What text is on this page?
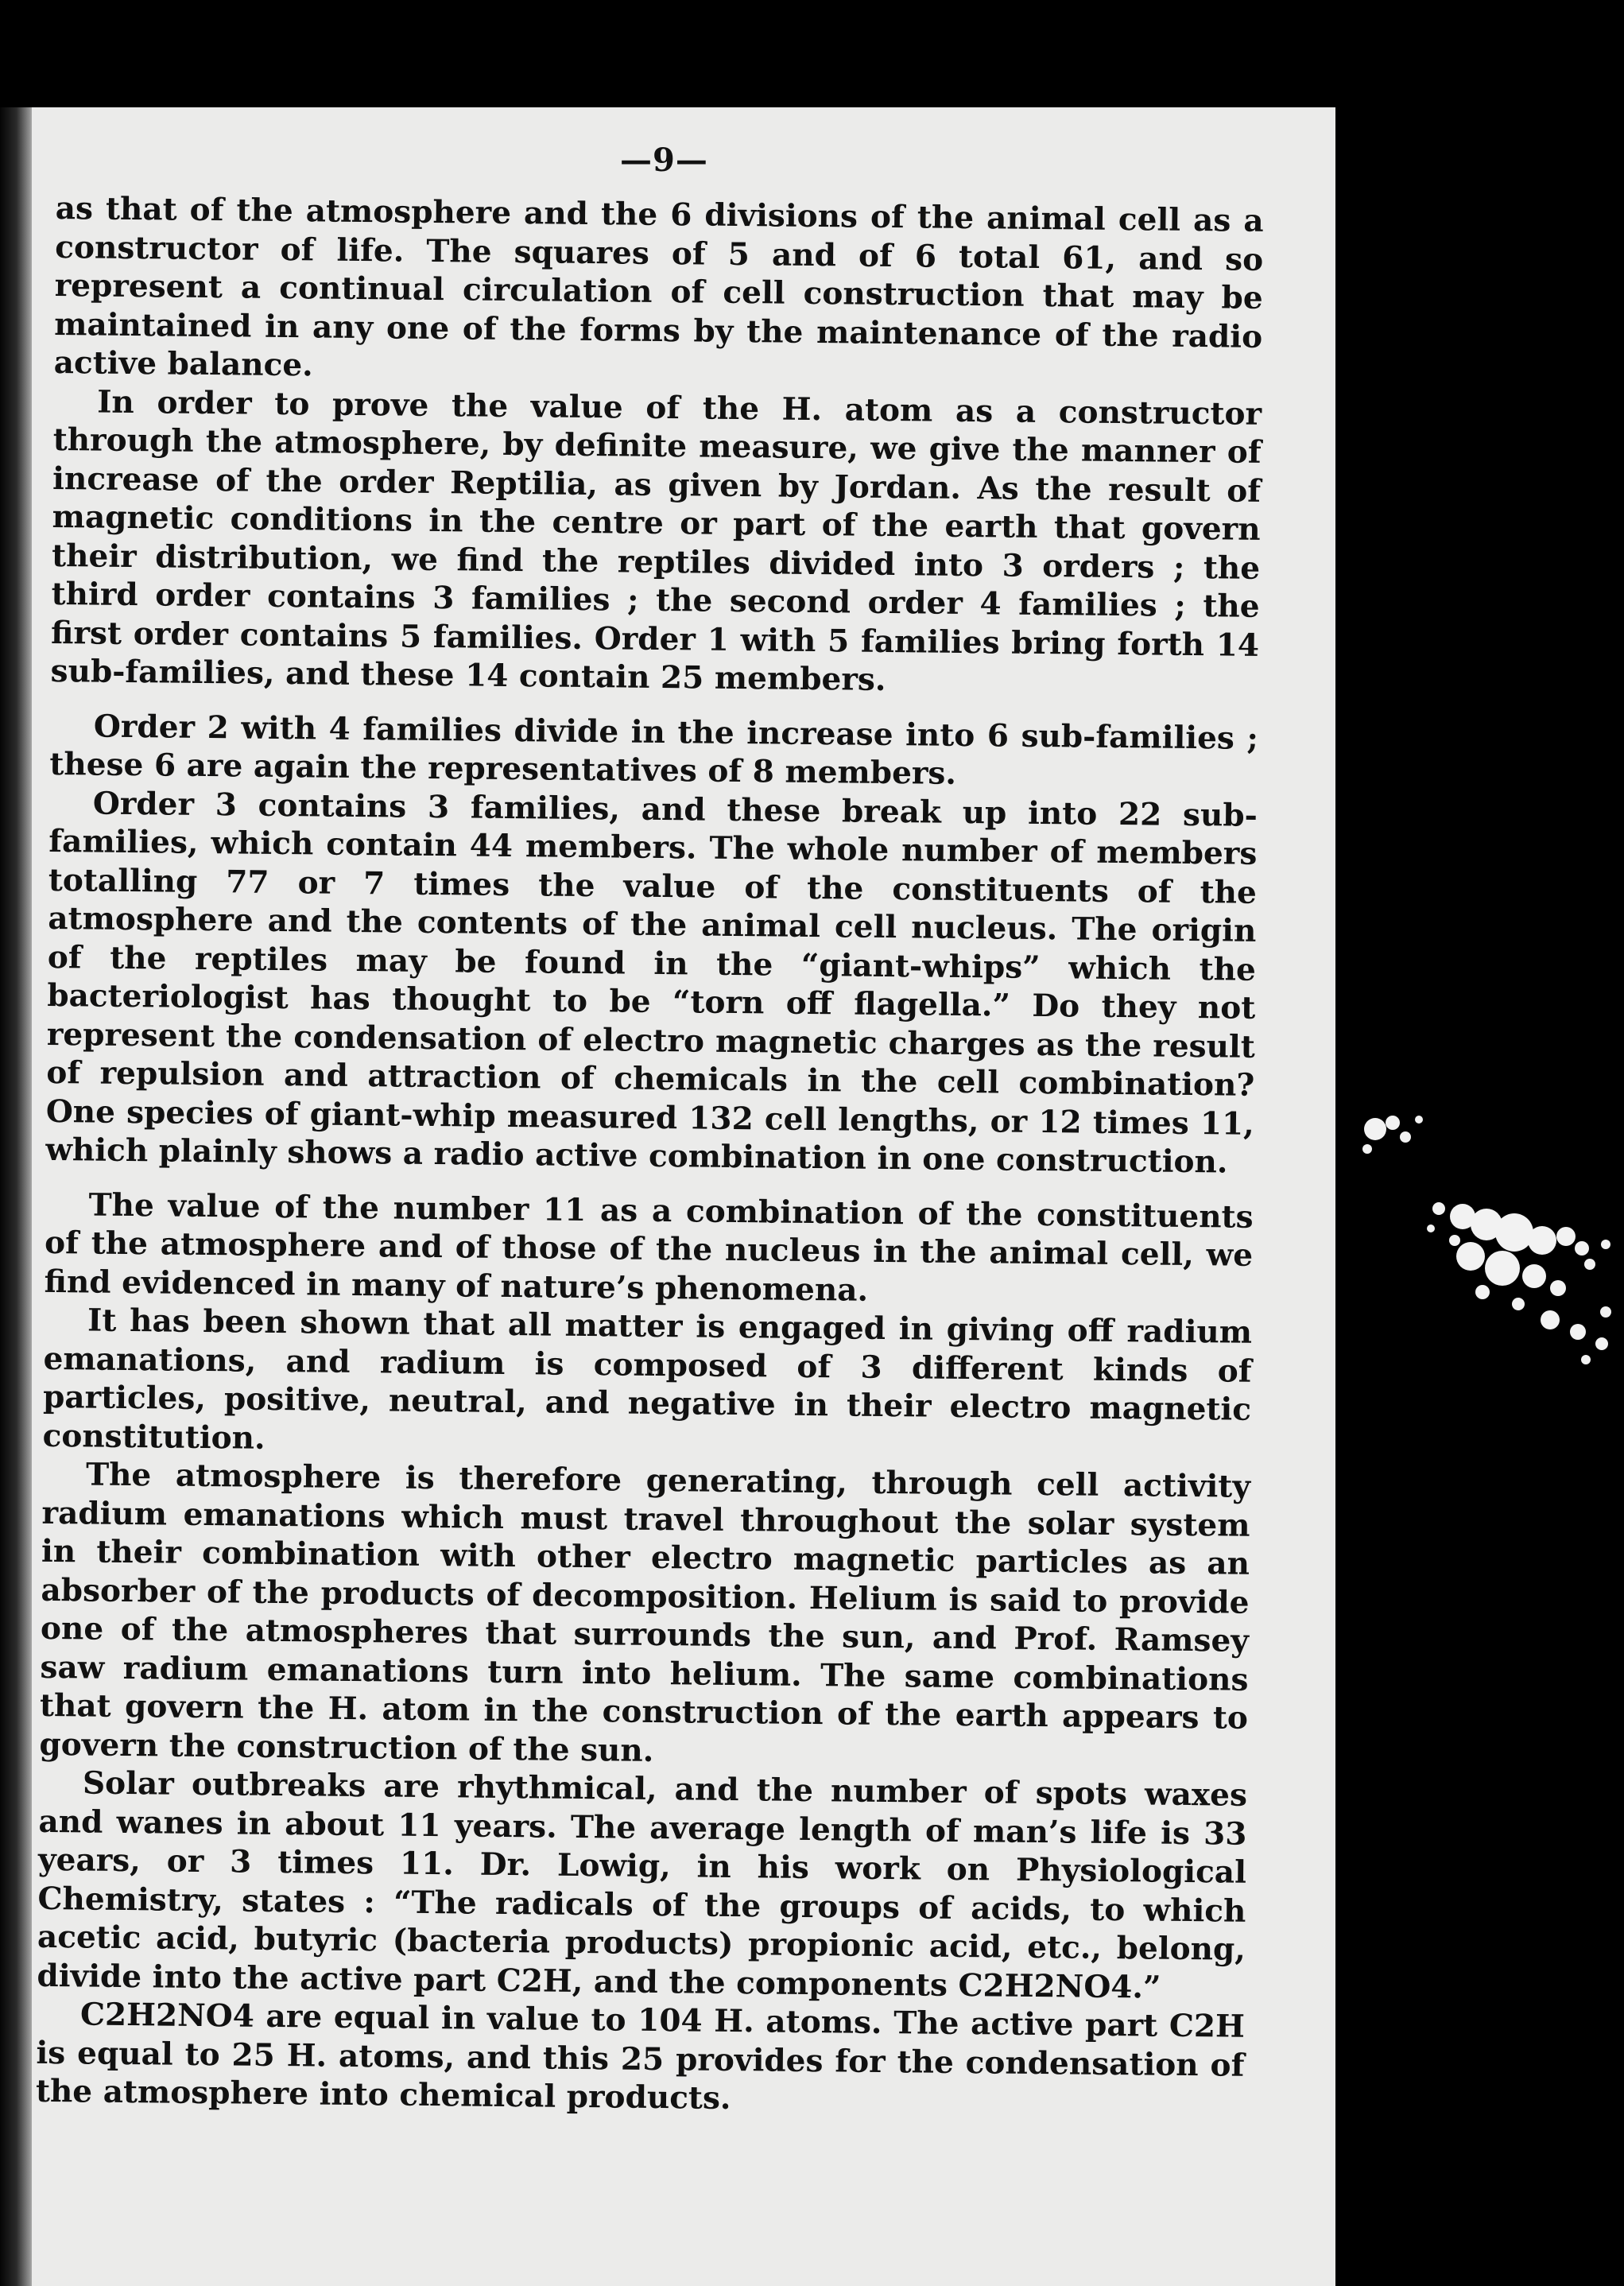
—9—

as that of the atmosphere and the 6 divisions of the animal cell as a constructor of life. The squares of 5 and of 6 total 61, and so represent a continual circulation of cell construction that may be maintained in any one of the forms by the maintenance of the radio active balance.

In order to prove the value of the H. atom as a constructor through the atmosphere, by definite measure, we give the manner of increase of the order Reptilia, as given by Jordan. As the result of magnetic conditions in the centre or part of the earth that govern their distribution, we find the reptiles divided into 3 orders ; the third order contains 3 families ; the second order 4 families ; the first order contains 5 families. Order 1 with 5 families bring forth 14 sub-families, and these 14 contain 25 members.

Order 2 with 4 families divide in the increase into 6 sub-families ; these 6 are again the representatives of 8 members.

Order 3 contains 3 families, and these break up into 22 sub-families, which contain 44 members. The whole number of members totalling 77 or 7 times the value of the constituents of the atmosphere and the contents of the animal cell nucleus. The origin of the reptiles may be found in the “giant-whips” which the bacteriologist has thought to be “torn off flagella.” Do they not represent the condensation of electro magnetic charges as the result of repulsion and attraction of chemicals in the cell combination? One species of giant-whip measured 132 cell lengths, or 12 times 11, which plainly shows a radio active combination in one construction.

The value of the number 11 as a combination of the constituents of the atmosphere and of those of the nucleus in the animal cell, we find evidenced in many of nature’s phenomena.

It has been shown that all matter is engaged in giving off radium emanations, and radium is composed of 3 different kinds of particles, positive, neutral, and negative in their electro magnetic constitution.

The atmosphere is therefore generating, through cell activity radium emanations which must travel throughout the solar system in their combination with other electro magnetic particles as an absorber of the products of decomposition. Helium is said to provide one of the atmospheres that surrounds the sun, and Prof. Ramsey saw radium emanations turn into helium. The same combinations that govern the H. atom in the construction of the earth appears to govern the construction of the sun.

Solar outbreaks are rhythmical, and the number of spots waxes and wanes in about 11 years. The average length of man’s life is 33 years, or 3 times 11. Dr. Lowig, in his work on Physiological Chemistry, states : “The radicals of the groups of acids, to which acetic acid, butyric (bacteria products) propionic acid, etc., belong, divide into the active part C2H, and the components C2H2NO4.”

C2H2NO4 are equal in value to 104 H. atoms. The active part C2H is equal to 25 H. atoms, and this 25 provides for the condensation of the atmosphere into chemical products.
